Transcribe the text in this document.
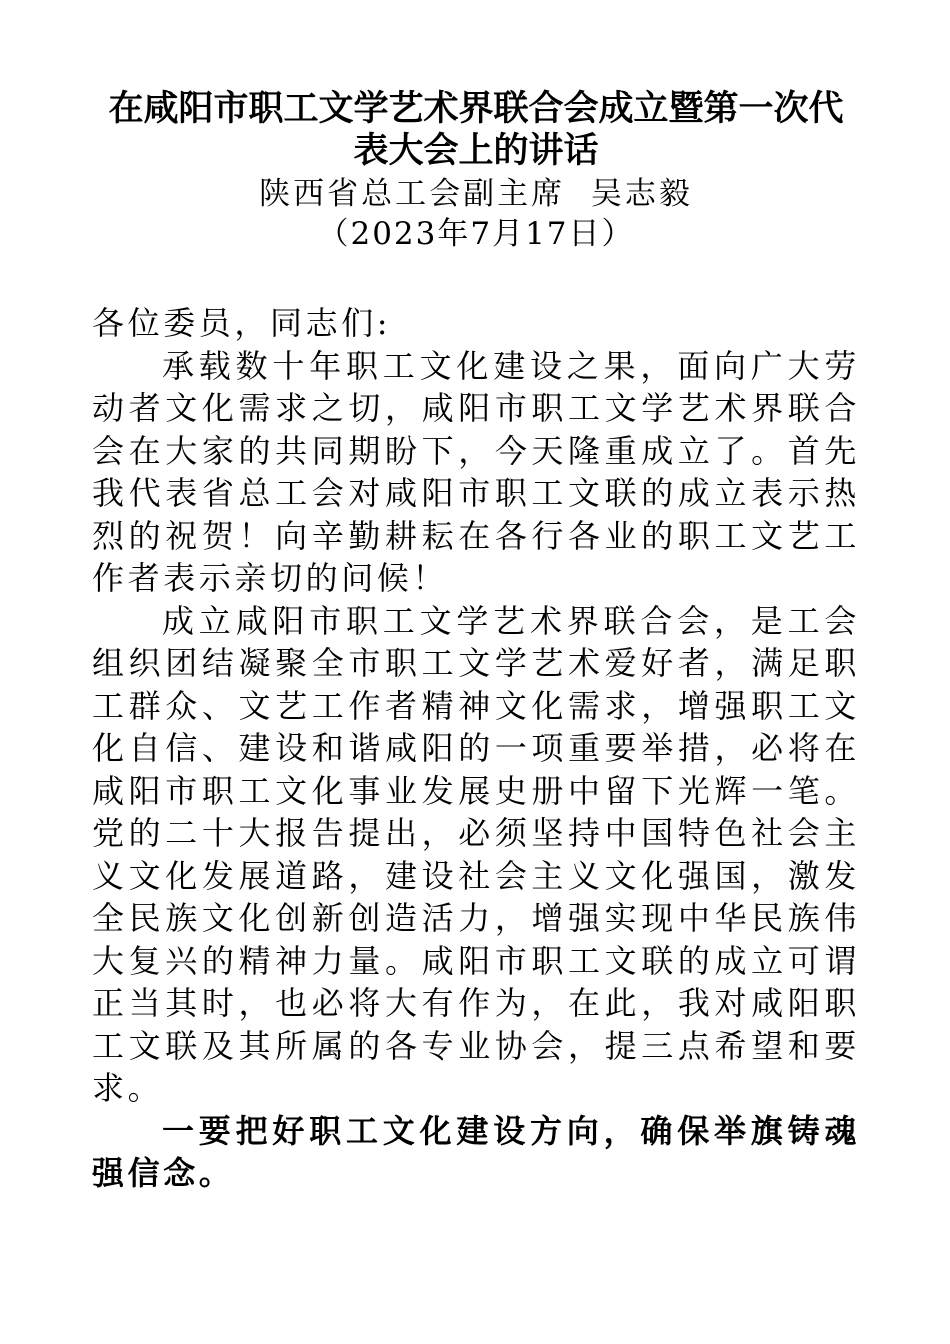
在咸阳市职工文学艺术界联合会成立暨第一次代表大会上的讲话
陕西省总工会副主席  吴志毅
（2023年7月17日）

各位委员，同志们:

承载数十年职工文化建设之果，面向广大劳动者文化需求之切，咸阳市职工文学艺术界联合会在大家的共同期盼下，今天隆重成立了。首先我代表省总工会对咸阳市职工文联的成立表示热烈的祝贺！向辛勤耕耘在各行各业的职工文艺工作者表示亲切的问候！

成立咸阳市职工文学艺术界联合会，是工会组织团结凝聚全市职工文学艺术爱好者，满足职工群众、文艺工作者精神文化需求，增强职工文化自信、建设和谐咸阳的一项重要举措，必将在咸阳市职工文化事业发展史册中留下光辉一笔。党的二十大报告提出，必须坚持中国特色社会主义文化发展道路，建设社会主义文化强国，激发全民族文化创新创造活力，增强实现中华民族伟大复兴的精神力量。咸阳市职工文联的成立可谓正当其时，也必将大有作为，在此，我对咸阳职工文联及其所属的各专业协会，提三点希望和要求。

一要把好职工文化建设方向，确保举旗铸魂强信念。
